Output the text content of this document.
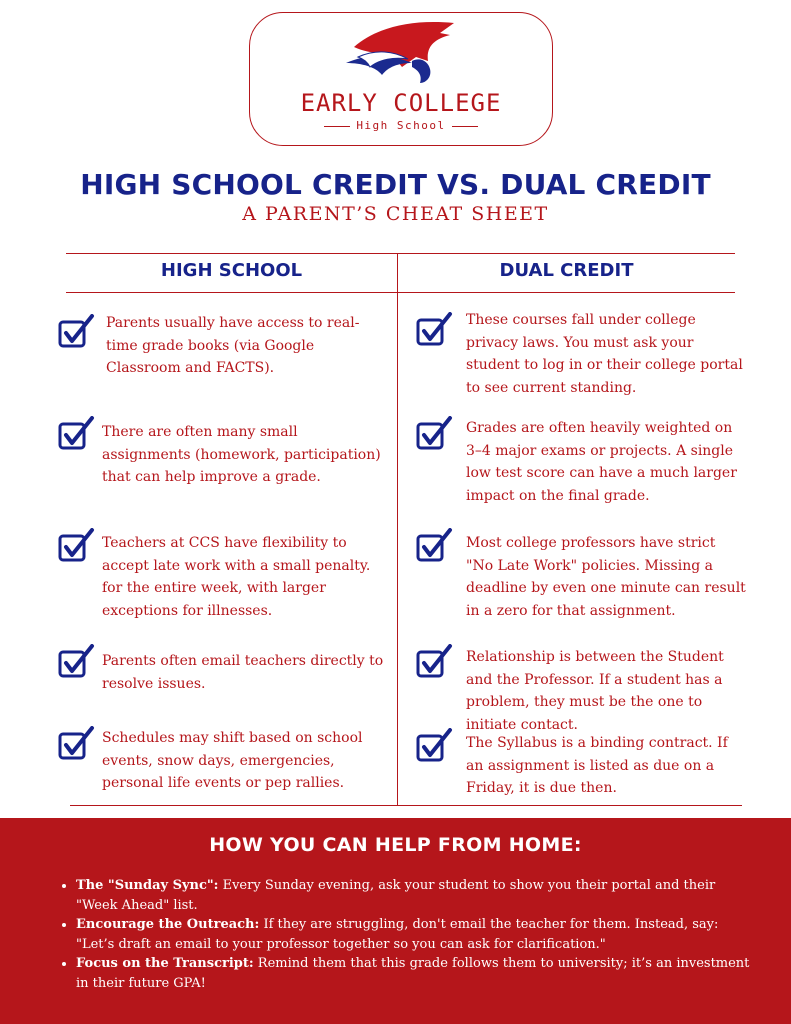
EARLY COLLEGE
High School
HIGH SCHOOL CREDIT VS. DUAL CREDIT
A PARENT’S CHEAT SHEET
HIGH SCHOOL	DUAL CREDIT
Parents usually have access to real-time grade books (via Google Classroom and FACTS).
There are often many small assignments (homework, participation) that can help improve a grade.
Teachers at CCS have flexibility to accept late work with a small penalty. for the entire week, with larger exceptions for illnesses.
Parents often email teachers directly to resolve issues.
Schedules may shift based on school events, snow days, emergencies, personal life events or pep rallies.
These courses fall under college privacy laws. You must ask your student to log in or their college portal to see current standing.
Grades are often heavily weighted on 3–4 major exams or projects. A single low test score can have a much larger impact on the final grade.
Most college professors have strict "No Late Work" policies. Missing a deadline by even one minute can result in a zero for that assignment.
Relationship is between the Student and the Professor. If a student has a problem, they must be the one to initiate contact.
The Syllabus is a binding contract. If an assignment is listed as due on a Friday, it is due then.
HOW YOU CAN HELP FROM HOME:
• The "Sunday Sync": Every Sunday evening, ask your student to show you their portal and their "Week Ahead" list.
• Encourage the Outreach: If they are struggling, don't email the teacher for them. Instead, say: "Let’s draft an email to your professor together so you can ask for clarification."
• Focus on the Transcript: Remind them that this grade follows them to university; it’s an investment in their future GPA!
